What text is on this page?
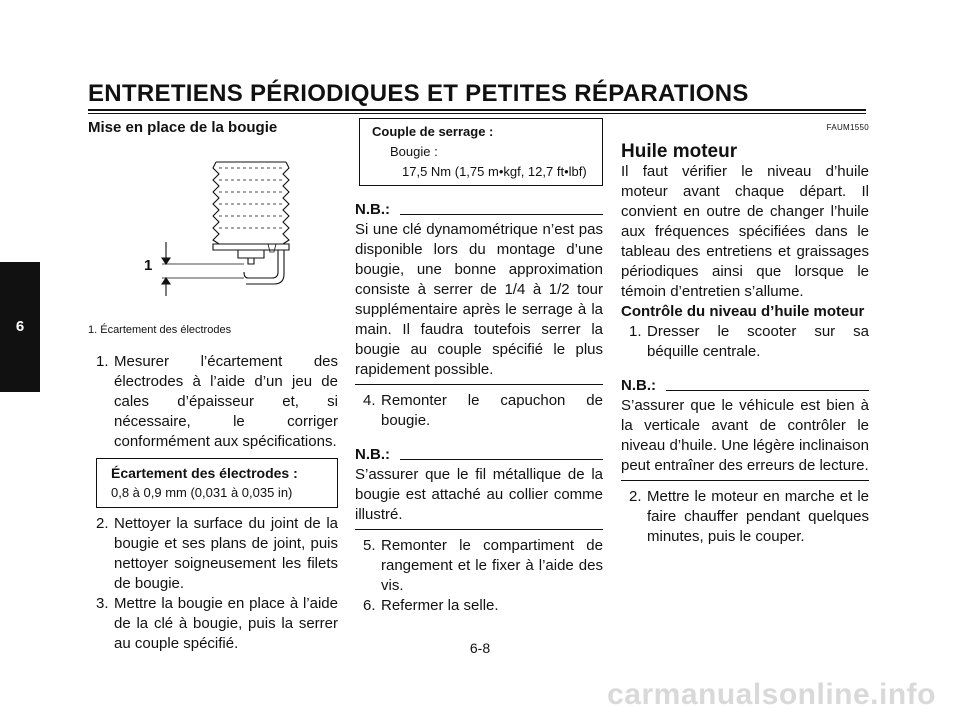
ENTRETIENS PÉRIODIQUES ET PETITES RÉPARATIONS
6
Mise en place de la bougie
1
1. Écartement des électrodes
1. Mesurer l’écartement des électrodes à l’aide d’un jeu de cales d’épaisseur et, si nécessaire, le corriger conformément aux spécifications.
Écartement des électrodes :
0,8 à 0,9 mm (0,031 à 0,035 in)
2. Nettoyer la surface du joint de la bougie et ses plans de joint, puis nettoyer soigneusement les filets de bougie.
3. Mettre la bougie en place à l’aide de la clé à bougie, puis la serrer au couple spécifié.
Couple de serrage :
Bougie :
17,5 Nm (1,75 m•kgf, 12,7 ft•lbf)
N.B.:

Si une clé dynamométrique n’est pas disponible lors du montage d’une bougie, une bonne approximation consiste à serrer de 1/4 à 1/2 tour supplémentaire après le serrage à la main. Il faudra toutefois serrer la bougie au couple spécifié le plus rapidement possible.

4. Remonter le capuchon de bougie.
N.B.:

S’assurer que le fil métallique de la bougie est attaché au collier comme illustré.

5. Remonter le compartiment de rangement et le fixer à l’aide des vis.
6. Refermer la selle.
FAUM1550
Huile moteur

Il faut vérifier le niveau d’huile moteur avant chaque départ. Il convient en outre de changer l’huile aux fréquences spécifiées dans le tableau des entretiens et graissages périodiques ainsi que lorsque le témoin d’entretien s’allume.

Contrôle du niveau d’huile moteur
1. Dresser le scooter sur sa béquille centrale.
N.B.:

S’assurer que le véhicule est bien à la verticale avant de contrôler le niveau d’huile. Une légère inclinaison peut entraîner des erreurs de lecture.

2. Mettre le moteur en marche et le faire chauffer pendant quelques minutes, puis le couper.
6-8
carmanualsonline.info
